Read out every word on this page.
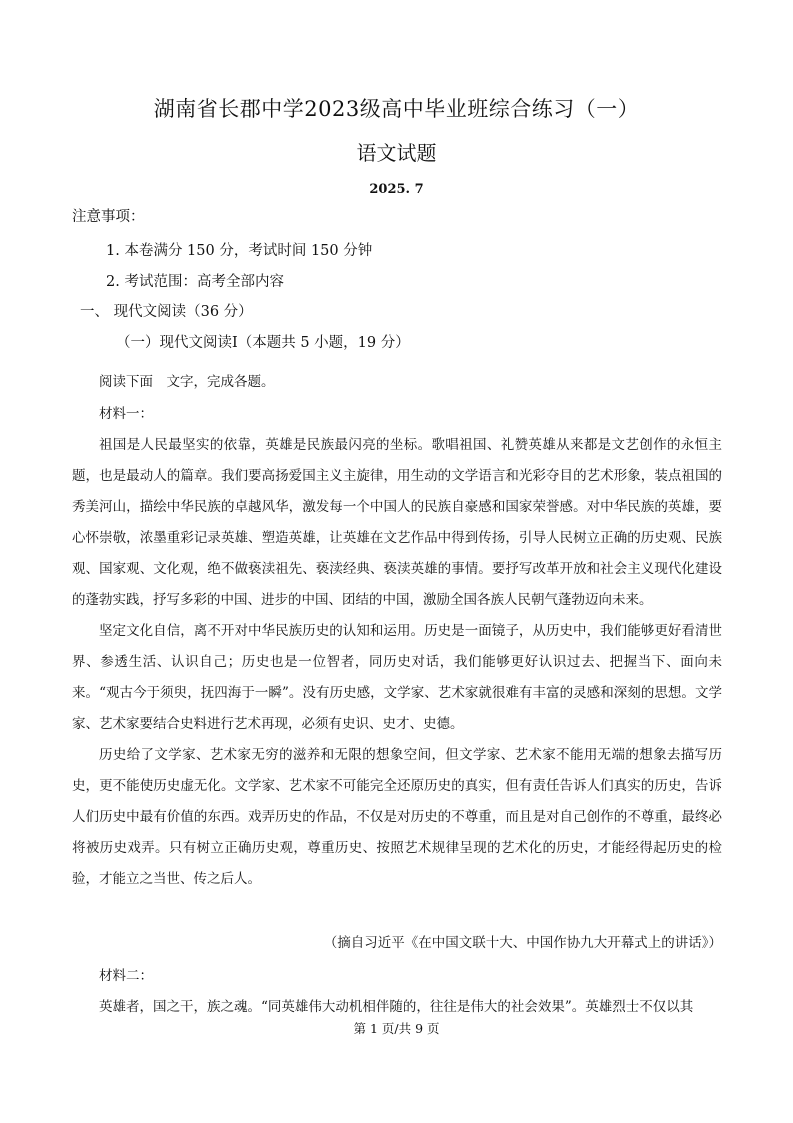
湖南省长郡中学2023级高中毕业班综合练习（一）
语文试题
2025. 7
注意事项：
1. 本卷满分 150 分，考试时间 150 分钟
2. 考试范围：高考全部内容
一、 现代文阅读（36 分）
（一）现代文阅读Ⅰ（本题共 5 小题，19 分）

阅读下面　文字，完成各题。

材料一：

祖国是人民最坚实的依靠，英雄是民族最闪亮的坐标。歌唱祖国、礼赞英雄从来都是文艺创作的永恒主题，也是最动人的篇章。我们要高扬爱国主义主旋律，用生动的文学语言和光彩夺目的艺术形象，装点祖国的秀美河山，描绘中华民族的卓越风华，激发每一个中国人的民族自豪感和国家荣誉感。对中华民族的英雄，要心怀崇敬，浓墨重彩记录英雄、塑造英雄，让英雄在文艺作品中得到传扬，引导人民树立正确的历史观、民族观、国家观、文化观，绝不做亵渎祖先、亵渎经典、亵渎英雄的事情。要抒写改革开放和社会主义现代化建设的蓬勃实践，抒写多彩的中国、进步的中国、团结的中国，激励全国各族人民朝气蓬勃迈向未来。

坚定文化自信，离不开对中华民族历史的认知和运用。历史是一面镜子，从历史中，我们能够更好看清世界、参透生活、认识自己；历史也是一位智者，同历史对话，我们能够更好认识过去、把握当下、面向未来。“观古今于须臾，抚四海于一瞬”。没有历史感，文学家、艺术家就很难有丰富的灵感和深刻的思想。文学家、艺术家要结合史料进行艺术再现，必须有史识、史才、史德。

历史给了文学家、艺术家无穷的滋养和无限的想象空间，但文学家、艺术家不能用无端的想象去描写历史，更不能使历史虚无化。文学家、艺术家不可能完全还原历史的真实，但有责任告诉人们真实的历史，告诉人们历史中最有价值的东西。戏弄历史的作品，不仅是对历史的不尊重，而且是对自己创作的不尊重，最终必将被历史戏弄。只有树立正确历史观，尊重历史、按照艺术规律呈现的艺术化的历史，才能经得起历史的检验，才能立之当世、传之后人。

（摘自习近平《在中国文联十大、中国作协九大开幕式上的讲话》）

材料二：

英雄者，国之干，族之魂。“同英雄伟大动机相伴随的，往往是伟大的社会效果”。英雄烈士不仅以其

第 1 页/共 9 页
